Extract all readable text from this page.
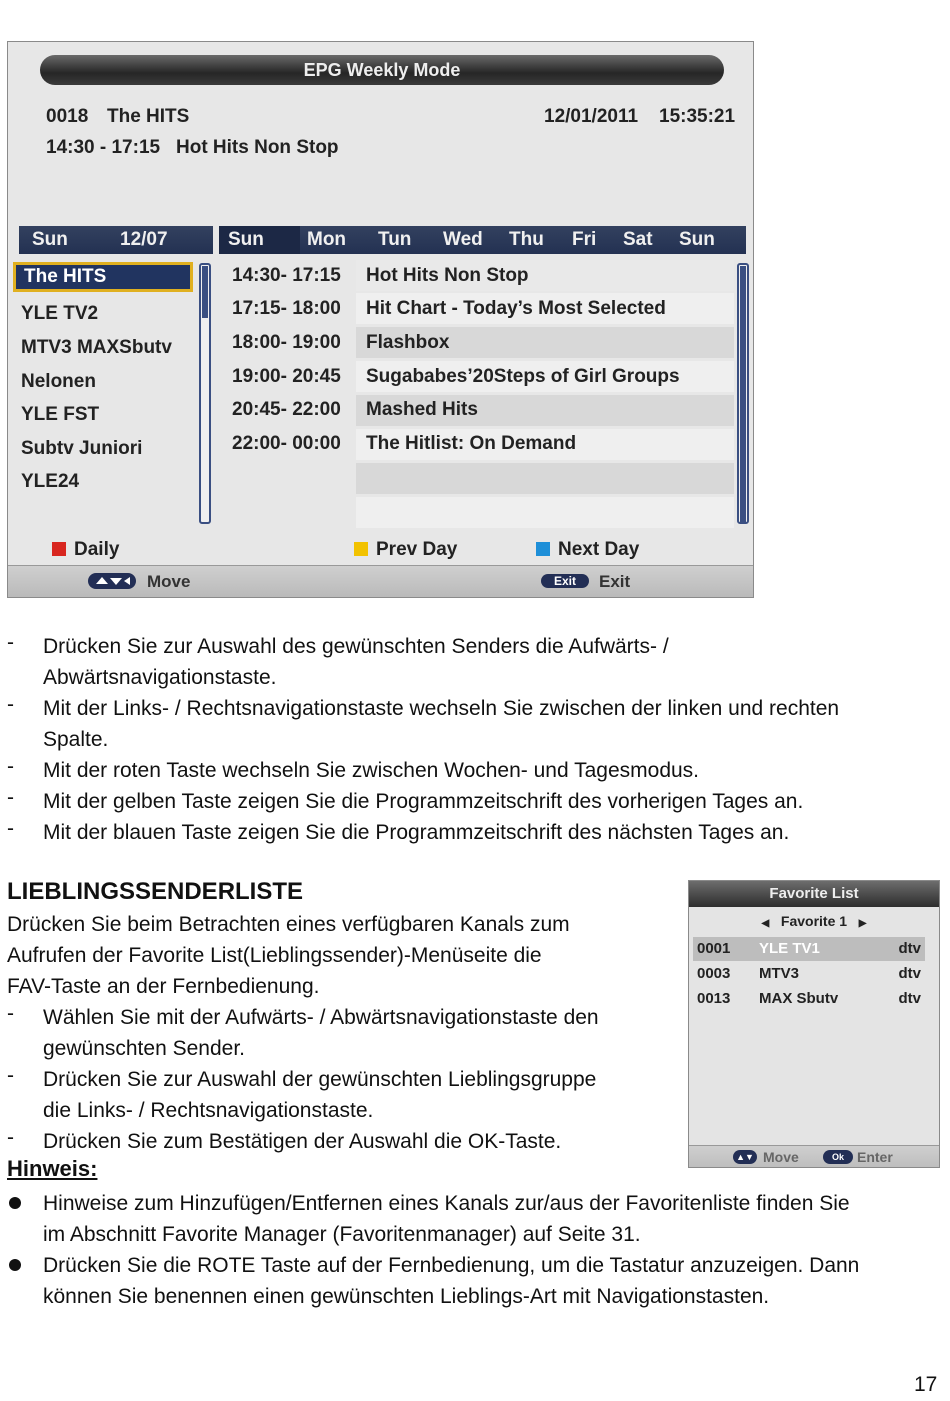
EPG Weekly Mode
0018 The HITS	12/01/2011 15:35:21
14:30 - 17:15 Hot Hits Non Stop
Sun	12/07	Sun Mon Tun Wed Thu Fri Sat Sun
The HITS
YLE TV2
MTV3 MAXSbutv
Nelonen
YLE FST
Subtv Juniori
YLE24
14:30- 17:15	Hot Hits Non Stop
17:15- 18:00	Hit Chart - Today’s Most Selected
18:00- 19:00	Flashbox
19:00- 20:45	Sugababes’20Steps of Girl Groups
20:45- 22:00	Mashed Hits
22:00- 00:00	The Hitlist: On Demand
Daily	Prev Day	Next Day
Move	Exit	Exit
- Drücken Sie zur Auswahl des gewünschten Senders die Aufwärts- /
Abwärtsnavigationstaste.
- Mit der Links- / Rechtsnavigationstaste wechseln Sie zwischen der linken und rechten
Spalte.
- Mit der roten Taste wechseln Sie zwischen Wochen- und Tagesmodus.
- Mit der gelben Taste zeigen Sie die Programmzeitschrift des vorherigen Tages an.
- Mit der blauen Taste zeigen Sie die Programmzeitschrift des nächsten Tages an.
LIEBLINGSSENDERLISTE
Drücken Sie beim Betrachten eines verfügbaren Kanals zum
Aufrufen der Favorite List(Lieblingssender)-Menüseite die
FAV-Taste an der Fernbedienung.
- Wählen Sie mit der Aufwärts- / Abwärtsnavigationstaste den
gewünschten Sender.
- Drücken Sie zur Auswahl der gewünschten Lieblingsgruppe
die Links- / Rechtsnavigationstaste.
- Drücken Sie zum Bestätigen der Auswahl die OK-Taste.
Hinweis:
Hinweise zum Hinzufügen/Entfernen eines Kanals zur/aus der Favoritenliste finden Sie
im Abschnitt Favorite Manager (Favoritenmanager) auf Seite 31.
Drücken Sie die ROTE Taste auf der Fernbedienung, um die Tastatur anzuzeigen. Dann
können Sie benennen einen gewünschten Lieblings-Art mit Navigationstasten.
Favorite List
◀ Favorite 1 ▶
0001 YLE TV1	dtv
0003 MTV3	dtv
0013 MAX Sbutv	dtv
▲▼ Move	Ok Enter
17
